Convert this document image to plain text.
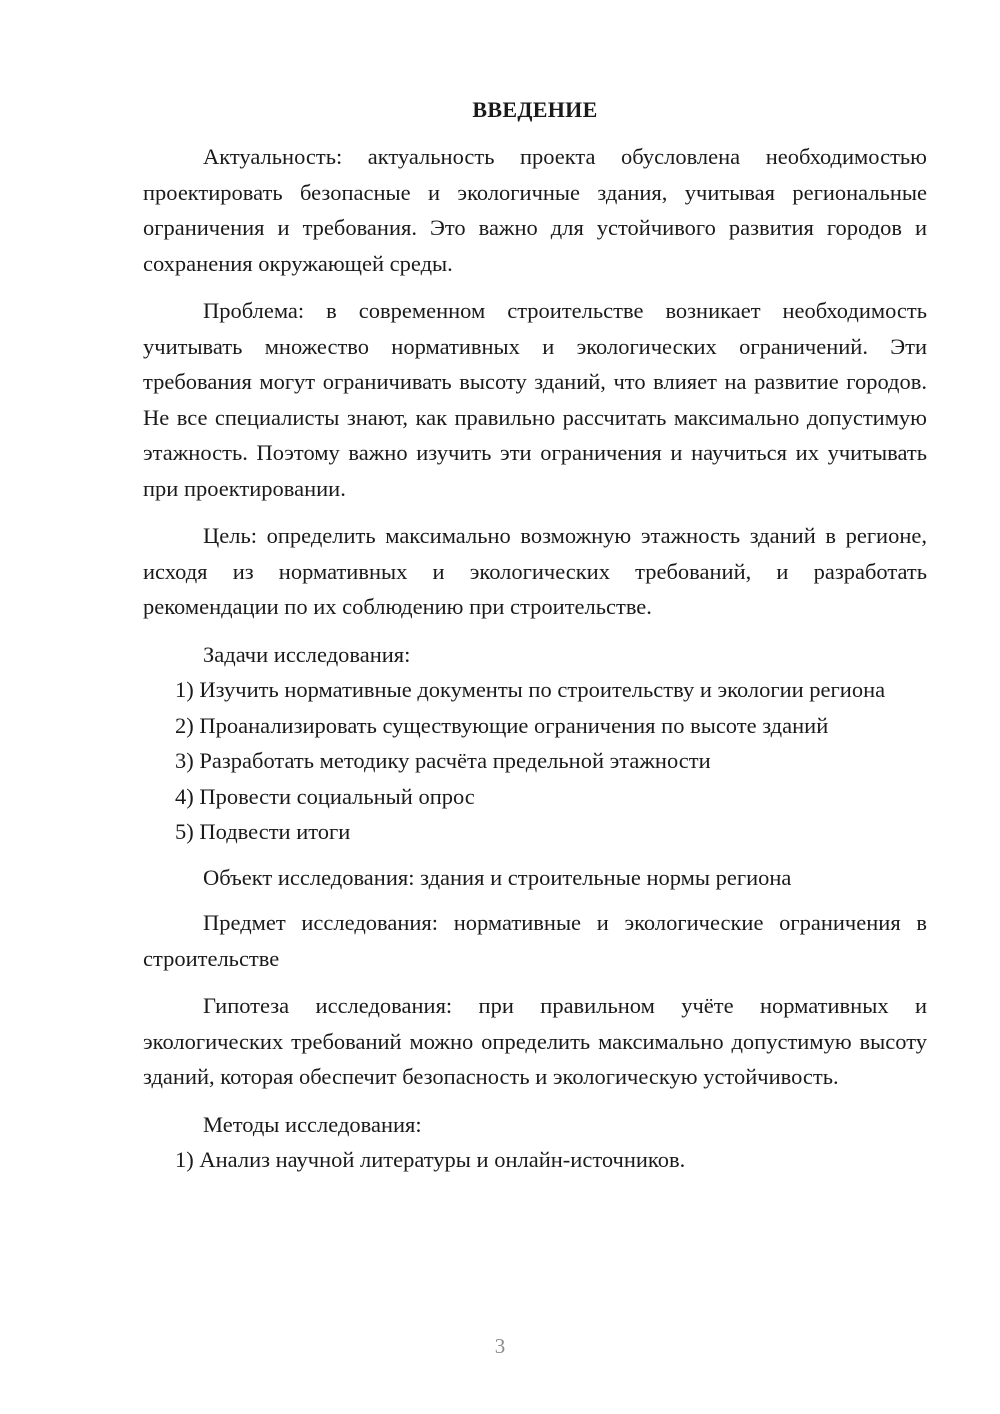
ВВЕДЕНИЕ

Актуальность: актуальность проекта обусловлена необходимостью проектировать безопасные и экологичные здания, учитывая региональные ограничения и требования. Это важно для устойчивого развития городов и сохранения окружающей среды.

Проблема: в современном строительстве возникает необходимость учитывать множество нормативных и экологических ограничений. Эти требования могут ограничивать высоту зданий, что влияет на развитие городов. Не все специалисты знают, как правильно рассчитать максимально допустимую этажность. Поэтому важно изучить эти ограничения и научиться их учитывать при проектировании.

Цель: определить максимально возможную этажность зданий в регионе, исходя из нормативных и экологических требований, и разработать рекомендации по их соблюдению при строительстве.

Задачи исследования:

1) Изучить нормативные документы по строительству и экологии региона

2) Проанализировать существующие ограничения по высоте зданий

3) Разработать методику расчёта предельной этажности

4) Провести социальный опрос

5) Подвести итоги

Объект исследования: здания и строительные нормы региона

Предмет исследования: нормативные и экологические ограничения в строительстве

Гипотеза исследования: при правильном учёте нормативных и экологических требований можно определить максимально допустимую высоту зданий, которая обеспечит безопасность и экологическую устойчивость.

Методы исследования:

1) Анализ научной литературы и онлайн-источников.

3
